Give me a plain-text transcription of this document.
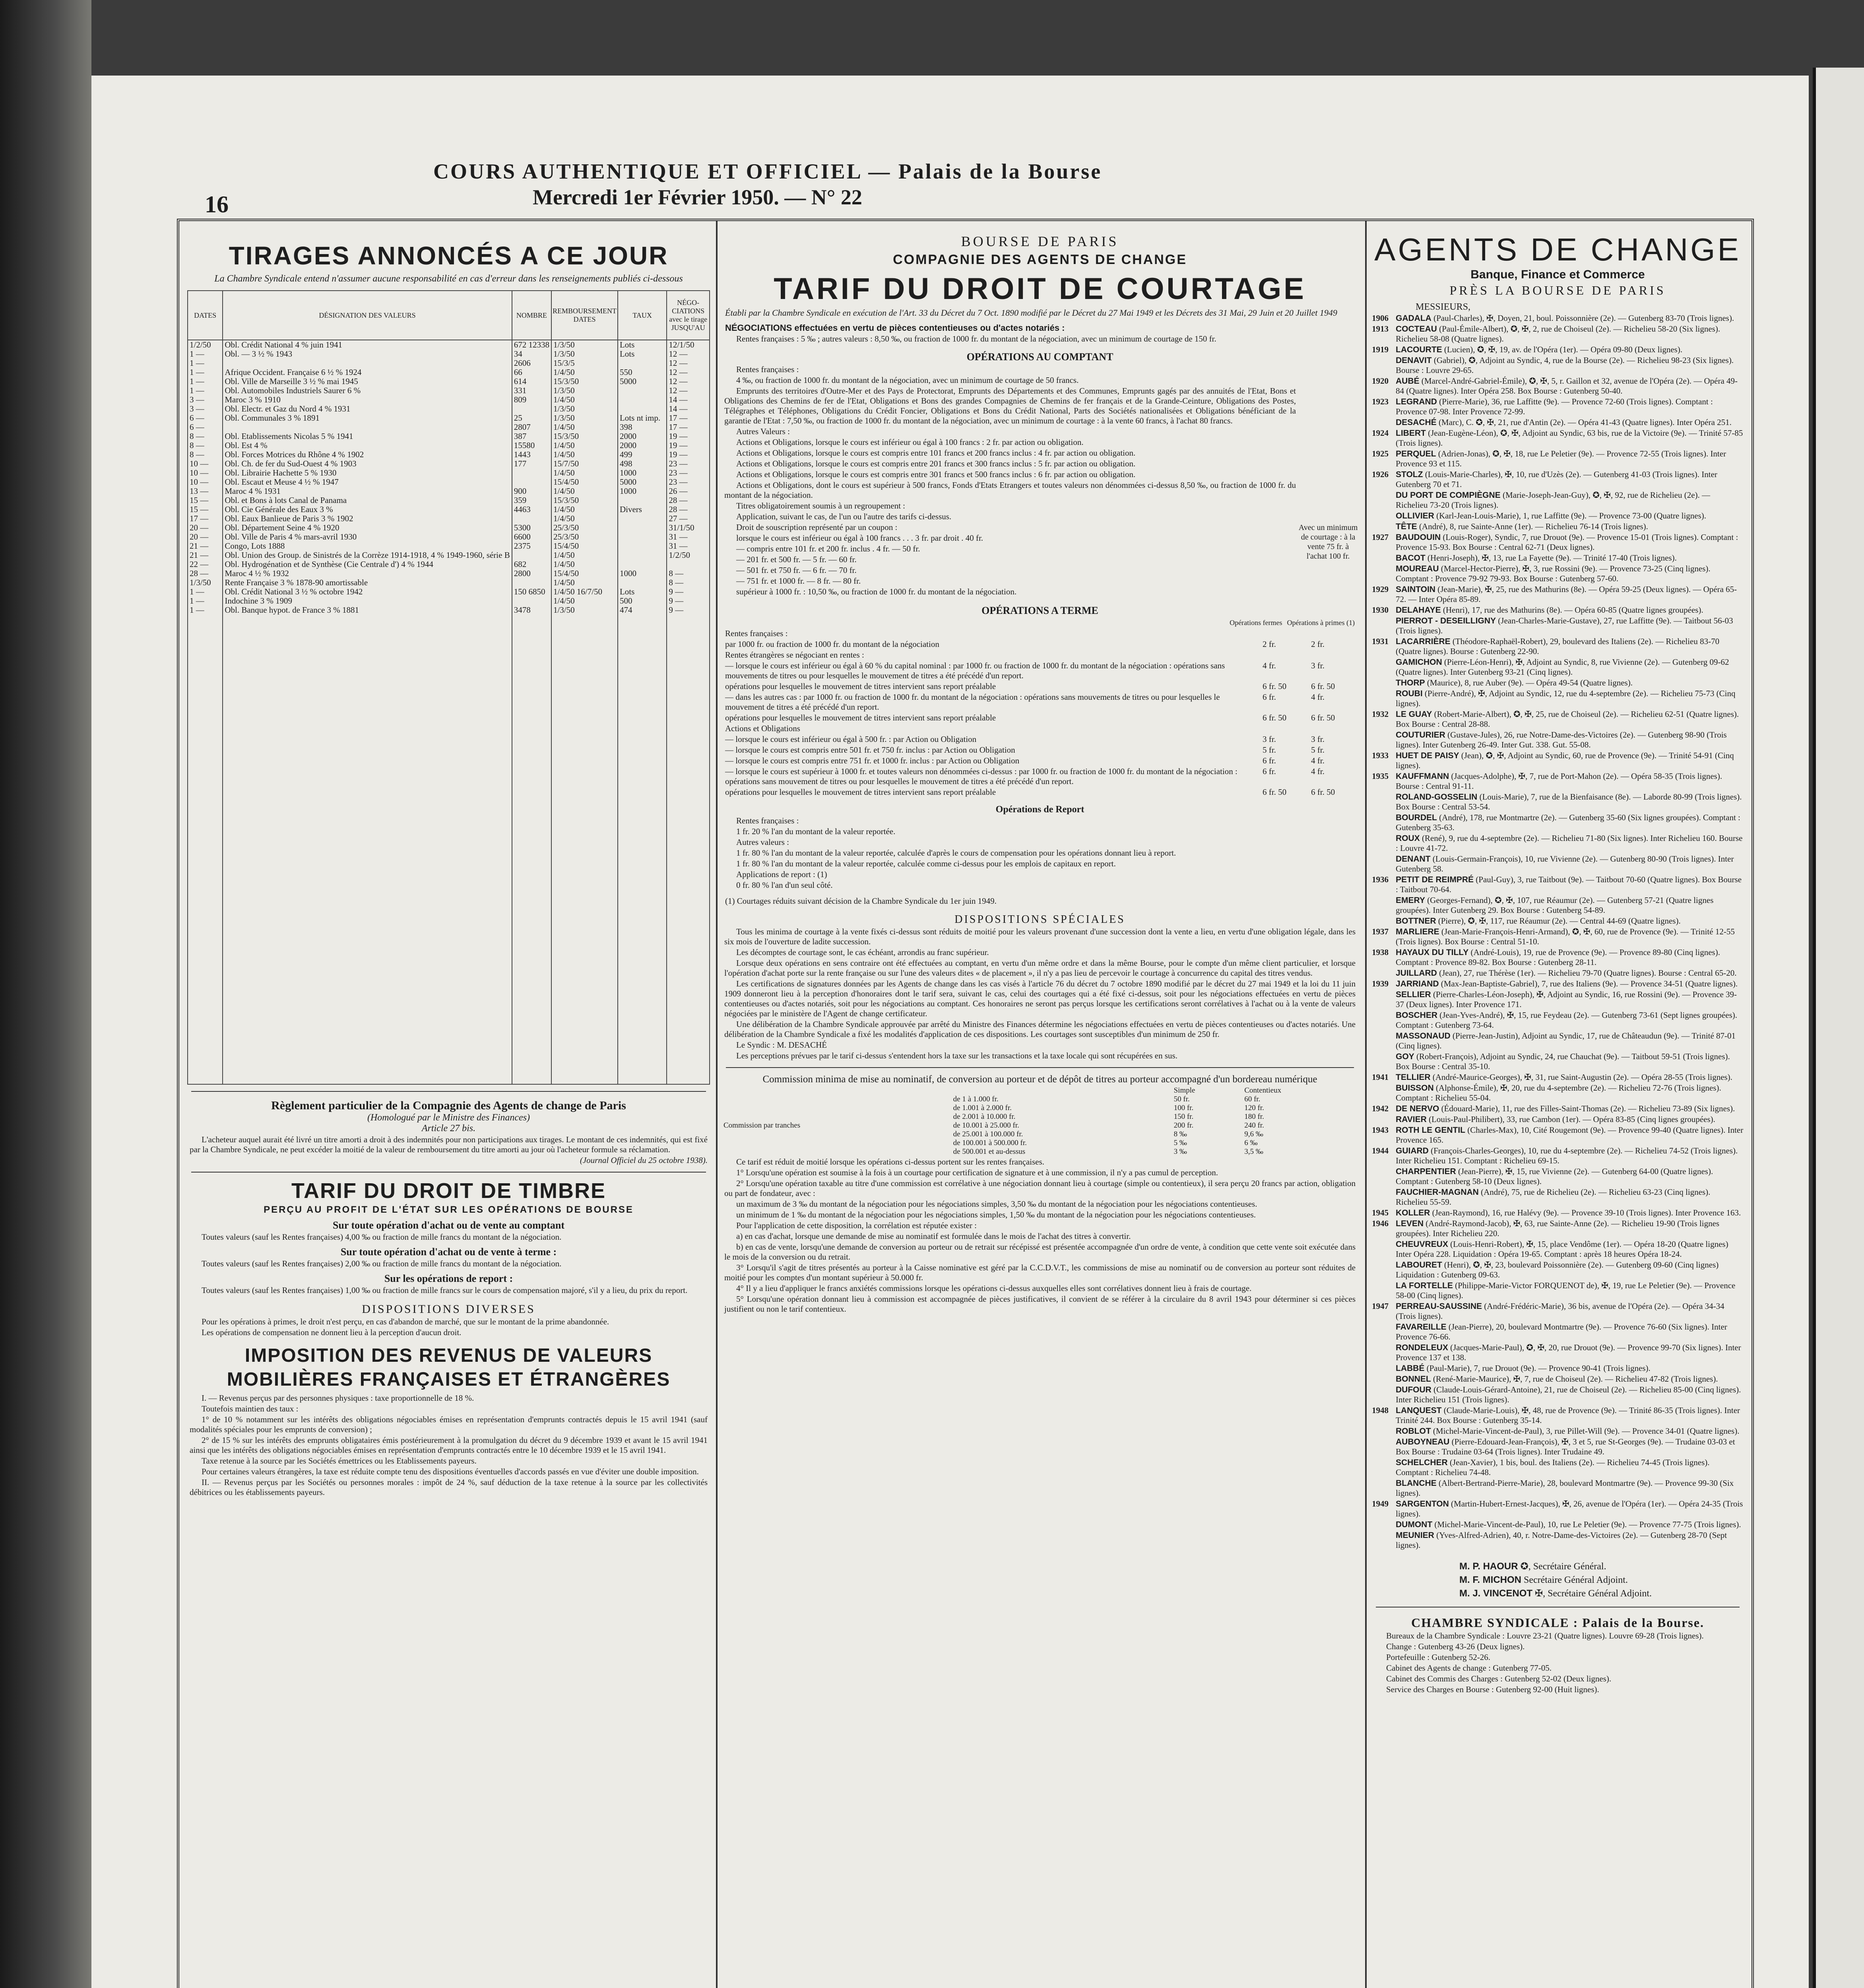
16
COURS AUTHENTIQUE ET OFFICIEL — Palais de la Bourse
Mercredi 1er Février 1950. — N° 22
TIRAGES ANNONCÉS A CE JOUR
La Chambre Syndicale entend n'assumer aucune responsabilité en cas d'erreur dans les renseignements publiés ci-dessous
DATES	DÉSIGNATION DES VALEURS	NOMBRE	REMBOURSEMENT
DATES	TAUX	NÉGO- CIATIONS avec le tirage JUSQU'AU
1/2/50	Obl. Crédit National 4 % juin 1941	672 12338	1/3/50	Lots	12/1/50
1 —	Obl. — 3 ½ % 1943	34	1/3/50	Lots	12 —
1 —		2606	15/3/5		12 —
1 —	Afrique Occident. Française 6 ½ % 1924	66	1/4/50	550	12 —
1 —	Obl. Ville de Marseille 3 ½ % mai 1945	614	15/3/50	5000	12 —
1 —	Obl. Automobiles Industriels Saurer 6 %	331	1/3/50		12 —
3 —	Maroc 3 % 1910	809	1/4/50		14 —
3 —	Obl. Electr. et Gaz du Nord 4 % 1931		1/3/50		14 —
6 —	Obl. Communales 3 % 1891	25	1/3/50	Lots nt imp.	17 —
6 —		2807	1/4/50	398	17 —
8 —	Obl. Etablissements Nicolas 5 % 1941	387	15/3/50	2000	19 —
8 —	Obl. Est 4 %	15580	1/4/50	2000	19 —
8 —	Obl. Forces Motrices du Rhône 4 % 1902	1443	1/4/50	499	19 —
10 —	Obl. Ch. de fer du Sud-Ouest 4 % 1903	177	15/7/50	498	23 —
10 —	Obl. Librairie Hachette 5 % 1930		1/4/50	1000	23 —
10 —	Obl. Escaut et Meuse 4 ½ % 1947		15/4/50	5000	23 —
13 —	Maroc 4 % 1931	900	1/4/50	1000	26 —
15 —	Obl. et Bons à lots Canal de Panama	359	15/3/50		28 —
15 —	Obl. Cie Générale des Eaux 3 %	4463	1/4/50	Divers	28 —
17 —	Obl. Eaux Banlieue de Paris 3 % 1902		1/4/50		27 —
20 —	Obl. Département Seine 4 % 1920	5300	25/3/50		31/1/50
20 —	Obl. Ville de Paris 4 % mars-avril 1930	6600	25/3/50		31 —
21 —	Congo, Lots 1888	2375	15/4/50		31 —
21 —	Obl. Union des Group. de Sinistrés de la Corrèze 1914-1918, 4 % 1949-1960, série B		1/4/50		1/2/50
22 —	Obl. Hydrogénation et de Synthèse (Cie Centrale d') 4 % 1944	682	1/4/50		
28 —	Maroc 4 ½ % 1932	2800	15/4/50	1000	8 —
1/3/50	Rente Française 3 % 1878-90 amortissable		1/4/50		8 —
1 —	Obl. Crédit National 3 ½ % octobre 1942	150 6850	1/4/50 16/7/50	Lots	9 —
1 —	Indochine 3 % 1909		1/4/50	500	9 —
1 —	Obl. Banque hypot. de France 3 % 1881	3478	1/3/50	474	9 —

Règlement particulier de la Compagnie des Agents de change de Paris
(Homologué par le Ministre des Finances)
Article 27 bis.
L'acheteur auquel aurait été livré un titre amorti a droit à des indemnités pour non participations aux tirages. Le montant de ces indemnités, qui est fixé par la Chambre Syndicale, ne peut excéder la moitié de la valeur de remboursement du titre amorti au jour où l'acheteur formule sa réclamation.
(Journal Officiel du 25 octobre 1938).
TARIF DU DROIT DE TIMBRE
PERÇU AU PROFIT DE L'ÉTAT SUR LES OPÉRATIONS DE BOURSE
Sur toute opération d'achat ou de vente au comptant
Toutes valeurs (sauf les Rentes françaises) 4,00 ‰ ou fraction de mille francs du montant de la négociation.
Sur toute opération d'achat ou de vente à terme :
Toutes valeurs (sauf les Rentes françaises) 2,00 ‰ ou fraction de mille francs du montant de la négociation.
Sur les opérations de report :
Toutes valeurs (sauf les Rentes françaises) 1,00 ‰ ou fraction de mille francs sur le cours de compensation majoré, s'il y a lieu, du prix du report.
DISPOSITIONS DIVERSES
Pour les opérations à primes, le droit n'est perçu, en cas d'abandon de marché, que sur le montant de la prime abandonnée.
Les opérations de compensation ne donnent lieu à la perception d'aucun droit.
IMPOSITION DES REVENUS DE VALEURS MOBILIÈRES FRANÇAISES ET ÉTRANGÈRES
I. — Revenus perçus par des personnes physiques : taxe proportionnelle de 18 %.
Toutefois maintien des taux :
1° de 10 % notamment sur les intérêts des obligations négociables émises en représentation d'emprunts contractés depuis le 15 avril 1941 (sauf modalités spéciales pour les emprunts de conversion) ;
2° de 15 % sur les intérêts des emprunts obligataires émis postérieurement à la promulgation du décret du 9 décembre 1939 et avant le 15 avril 1941 ainsi que les intérêts des obligations négociables émises en représentation d'emprunts contractés entre le 10 décembre 1939 et le 15 avril 1941.
Taxe retenue à la source par les Sociétés émettrices ou les Etablissements payeurs.
Pour certaines valeurs étrangères, la taxe est réduite compte tenu des dispositions éventuelles d'accords passés en vue d'éviter une double imposition.
II. — Revenus perçus par les Sociétés ou personnes morales : impôt de 24 %, sauf déduction de la taxe retenue à la source par les collectivités débitrices ou les établissements payeurs.
BOURSE DE PARIS
COMPAGNIE DES AGENTS DE CHANGE
TARIF DU DROIT DE COURTAGE
Établi par la Chambre Syndicale en exécution de l'Art. 33 du Décret du 7 Oct. 1890 modifié par le Décret du 27 Mai 1949 et les Décrets des 31 Mai, 29 Juin et 20 Juillet 1949
NÉGOCIATIONS effectuées en vertu de pièces contentieuses ou d'actes notariés :
Rentes françaises : 5 ‰ ; autres valeurs : 8,50 ‰, ou fraction de 1000 fr. du montant de la négociation, avec un minimum de courtage de 150 fr.
OPÉRATIONS AU COMPTANT
Rentes françaises :
4 ‰, ou fraction de 1000 fr. du montant de la négociation, avec un minimum de courtage de 50 francs.
Emprunts des territoires d'Outre-Mer et des Pays de Protectorat, Emprunts des Départements et des Communes, Emprunts gagés par des annuités de l'Etat, Bons et Obligations des Chemins de fer de l'Etat, Obligations et Bons des grandes Compagnies de Chemins de fer français et de la Grande-Ceinture, Obligations des Postes, Télégraphes et Téléphones, Obligations du Crédit Foncier, Obligations et Bons du Crédit National, Parts des Sociétés nationalisées et Obligations bénéficiant de la garantie de l'Etat : 7,50 ‰, ou fraction de 1000 fr. du montant de la négociation, avec un minimum de courtage : à la vente 60 francs, à l'achat 80 francs.
Autres Valeurs :
Actions et Obligations, lorsque le cours est inférieur ou égal à 100 francs : 2 fr. par action ou obligation.
Actions et Obligations, lorsque le cours est compris entre 101 francs et 200 francs inclus : 4 fr. par action ou obligation.
Actions et Obligations, lorsque le cours est compris entre 201 francs et 300 francs inclus : 5 fr. par action ou obligation.
Actions et Obligations, lorsque le cours est compris entre 301 francs et 500 francs inclus : 6 fr. par action ou obligation.
Actions et Obligations, dont le cours est supérieur à 500 francs, Fonds d'Etats Etrangers et toutes valeurs non dénommées ci-dessus 8,50 ‰, ou fraction de 1000 fr. du montant de la négociation.
Titres obligatoirement soumis à un regroupement :
Application, suivant le cas, de l'un ou l'autre des tarifs ci-dessus.
Droit de souscription représenté par un coupon :
lorsque le cours est inférieur ou égal à 100 francs . . . 3 fr. par droit . 40 fr.
— compris entre 101 fr. et 200 fr. inclus . 4 fr. — 50 fr.
— 201 fr. et 500 fr. — 5 fr. — 60 fr.
— 501 fr. et 750 fr. — 6 fr. — 70 fr.
— 751 fr. et 1000 fr. — 8 fr. — 80 fr.
supérieur à 1000 fr. : 10,50 ‰, ou fraction de 1000 fr. du montant de la négociation.
Avec un minimum de courtage : à la vente 75 fr. à l'achat 100 fr.
OPÉRATIONS A TERME
Opérations fermes Opérations à primes (1)
Rentes françaises :
par 1000 fr. ou fraction de 1000 fr. du montant de la négociation	2 fr.	2 fr.
Rentes étrangères se négociant en rentes :
— lorsque le cours est inférieur ou égal à 60 % du capital nominal : par 1000 fr. ou fraction de 1000 fr. du montant de la négociation : opérations sans mouvements de titres ou pour lesquelles le mouvement de titres a été précédé d'un report.
4 fr.	3 fr.
opérations pour lesquelles le mouvement de titres intervient sans report préalable	6 fr. 50	6 fr. 50
— dans les autres cas : par 1000 fr. ou fraction de 1000 fr. du montant de la négociation : opérations sans mouvements de titres ou pour lesquelles le mouvement de titres a été précédé d'un report.
6 fr.	4 fr.
opérations pour lesquelles le mouvement de titres intervient sans report préalable	6 fr. 50	6 fr. 50
Actions et Obligations
— lorsque le cours est inférieur ou égal à 500 fr. : par Action ou Obligation	3 fr.	3 fr.
— lorsque le cours est compris entre 501 fr. et 750 fr. inclus : par Action ou Obligation	5 fr.	5 fr.
— lorsque le cours est compris entre 751 fr. et 1000 fr. inclus : par Action ou Obligation	6 fr.	4 fr.
— lorsque le cours est supérieur à 1000 fr. et toutes valeurs non dénommées ci-dessus : par 1000 fr. ou fraction de 1000 fr. du montant de la négociation : opérations sans mouvement de titres ou pour lesquelles le mouvement de titres a été précédé d'un report.
6 fr.	4 fr.
opérations pour lesquelles le mouvement de titres intervient sans report préalable	6 fr. 50	6 fr. 50
Opérations de Report
Rentes françaises :
1 fr. 20 % l'an du montant de la valeur reportée.
Autres valeurs :
1 fr. 80 % l'an du montant de la valeur reportée, calculée d'après le cours de compensation pour les opérations donnant lieu à report.
1 fr. 80 % l'an du montant de la valeur reportée, calculée comme ci-dessus pour les emplois de capitaux en report.
Applications de report : (1)
0 fr. 80 % l'an d'un seul côté.
(1) Courtages réduits suivant décision de la Chambre Syndicale du 1er juin 1949.
DISPOSITIONS SPÉCIALES
Tous les minima de courtage à la vente fixés ci-dessus sont réduits de moitié pour les valeurs provenant d'une succession dont la vente a lieu, en vertu d'une obligation légale, dans les six mois de l'ouverture de ladite succession.
Les décomptes de courtage sont, le cas échéant, arrondis au franc supérieur.
Lorsque deux opérations en sens contraire ont été effectuées au comptant, en vertu d'un même ordre et dans la même Bourse, pour le compte d'un même client particulier, et lorsque l'opération d'achat porte sur la rente française ou sur l'une des valeurs dites « de placement », il n'y a pas lieu de percevoir le courtage à concurrence du capital des titres vendus.
Les certifications de signatures données par les Agents de change dans les cas visés à l'article 76 du décret du 7 octobre 1890 modifié par le décret du 27 mai 1949 et la loi du 11 juin 1909 donneront lieu à la perception d'honoraires dont le tarif sera, suivant le cas, celui des courtages qui a été fixé ci-dessus, soit pour les négociations effectuées en vertu de pièces contentieuses ou d'actes notariés, soit pour les négociations au comptant. Ces honoraires ne seront pas perçus lorsque les certifications seront corrélatives à l'achat ou à la vente de valeurs négociées par le ministère de l'Agent de change certificateur.
Une délibération de la Chambre Syndicale approuvée par arrêté du Ministre des Finances détermine les négociations effectuées en vertu de pièces contentieuses ou d'actes notariés. Une délibération de la Chambre Syndicale a fixé les modalités d'application de ces dispositions. Les courtages sont susceptibles d'un minimum de 250 fr.
Le Syndic : M. DESACHÉ
Les perceptions prévues par le tarif ci-dessus s'entendent hors la taxe sur les transactions et la taxe locale qui sont récupérées en sus.
Commission minima de mise au nominatif, de conversion au porteur et de dépôt de titres au porteur accompagné d'un bordereau numérique
		Simple	Contentieux
	de 1 à 1.000 fr.	50 fr.	60 fr.
	de 1.001 à 2.000 fr.	100 fr.	120 fr.
	de 2.001 à 10.000 fr.	150 fr.	180 fr.
Commission par tranches	de 10.001 à 25.000 fr.	200 fr.	240 fr.
	de 25.001 à 100.000 fr.	8 ‰	9,6 ‰
	de 100.001 à 500.000 fr.	5 ‰	6 ‰
	de 500.001 et au-dessus	3 ‰	3,5 ‰
Ce tarif est réduit de moitié lorsque les opérations ci-dessus portent sur les rentes françaises.
1° Lorsqu'une opération est soumise à la fois à un courtage pour certification de signature et à une commission, il n'y a pas cumul de perception.
2° Lorsqu'une opération taxable au titre d'une commission est corrélative à une négociation donnant lieu à courtage (simple ou contentieux), il sera perçu 20 francs par action, obligation ou part de fondateur, avec :
un maximum de 3 ‰ du montant de la négociation pour les négociations simples, 3,50 ‰ du montant de la négociation pour les négociations contentieuses.
un minimum de 1 ‰ du montant de la négociation pour les négociations simples, 1,50 ‰ du montant de la négociation pour les négociations contentieuses.
Pour l'application de cette disposition, la corrélation est réputée exister :
a) en cas d'achat, lorsque une demande de mise au nominatif est formulée dans le mois de l'achat des titres à convertir.
b) en cas de vente, lorsqu'une demande de conversion au porteur ou de retrait sur récépissé est présentée accompagnée d'un ordre de vente, à condition que cette vente soit exécutée dans le mois de la conversion ou du retrait.
3° Lorsqu'il s'agit de titres présentés au porteur à la Caisse nominative est géré par la C.C.D.V.T., les commissions de mise au nominatif ou de conversion au porteur sont réduites de moitié pour les comptes d'un montant supérieur à 50.000 fr.
4° Il y a lieu d'appliquer le francs anxiétés commissions lorsque les opérations ci-dessus auxquelles elles sont corrélatives donnent lieu à frais de courtage.
5° Lorsqu'une opération donnant lieu à commission est accompagnée de pièces justificatives, il convient de se référer à la circulaire du 8 avril 1943 pour déterminer si ces pièces justifient ou non le tarif contentieux.
AGENTS DE CHANGE
Banque, Finance et Commerce
PRÈS LA BOURSE DE PARIS
MESSIEURS,
1906 GADALA (Paul-Charles), ✠, Doyen, 21, boul. Poissonnière (2e). — Gutenberg 83-70 (Trois lignes).
1913 COCTEAU (Paul-Émile-Albert), ✪, ✠, 2, rue de Choiseul (2e). — Richelieu 58-20 (Six lignes). Richelieu 58-08 (Quatre lignes).
1919 LACOURTE (Lucien), ✪, ✠, 19, av. de l'Opéra (1er). — Opéra 09-80 (Deux lignes).
DENAVIT (Gabriel), ✪, Adjoint au Syndic, 4, rue de la Bourse (2e). — Richelieu 98-23 (Six lignes). Bourse : Louvre 29-65.
1920 AUBÉ (Marcel-André-Gabriel-Émile), ✪, ✠, 5, r. Gaillon et 32, avenue de l'Opéra (2e). — Opéra 49-84 (Quatre lignes). Inter Opéra 258. Box Bourse : Gutenberg 50-40.
1923 LEGRAND (Pierre-Marie), 36, rue Laffitte (9e). — Provence 72-60 (Trois lignes). Comptant : Provence 07-98. Inter Provence 72-99.
DESACHÉ (Marc), C. ✪, ✠, 21, rue d'Antin (2e). — Opéra 41-43 (Quatre lignes). Inter Opéra 251.
1924 LIBERT (Jean-Eugène-Léon), ✪, ✠, Adjoint au Syndic, 63 bis, rue de la Victoire (9e). — Trinité 57-85 (Trois lignes).
1925 PERQUEL (Adrien-Jonas), ✪, ✠, 18, rue Le Peletier (9e). — Provence 72-55 (Trois lignes). Inter Provence 93 et 115.
1926 STOLZ (Louis-Marie-Charles), ✠, 10, rue d'Uzès (2e). — Gutenberg 41-03 (Trois lignes). Inter Gutenberg 70 et 71.
DU PORT DE COMPIÈGNE (Marie-Joseph-Jean-Guy), ✪, ✠, 92, rue de Richelieu (2e). — Richelieu 73-20 (Trois lignes).
OLLIVIER (Karl-Jean-Louis-Marie), 1, rue Laffitte (9e). — Provence 73-00 (Quatre lignes).
TÊTE (André), 8, rue Sainte-Anne (1er). — Richelieu 76-14 (Trois lignes).
1927 BAUDOUIN (Louis-Roger), Syndic, 7, rue Drouot (9e). — Provence 15-01 (Trois lignes). Comptant : Provence 15-93. Box Bourse : Central 62-71 (Deux lignes).
BACOT (Henri-Joseph), ✠, 13, rue La Fayette (9e). — Trinité 17-40 (Trois lignes).
MOUREAU (Marcel-Hector-Pierre), ✠, 3, rue Rossini (9e). — Provence 73-25 (Cinq lignes). Comptant : Provence 79-92 79-93. Box Bourse : Gutenberg 57-60.
1929 SAINTOIN (Jean-Marie), ✠, 25, rue des Mathurins (8e). — Opéra 59-25 (Deux lignes). — Opéra 65-72. — Inter Opéra 85-89.
1930 DELAHAYE (Henri), 17, rue des Mathurins (8e). — Opéra 60-85 (Quatre lignes groupées).
PIERROT - DESEILLIGNY (Jean-Charles-Marie-Gustave), 27, rue Laffitte (9e). — Taitbout 56-03 (Trois lignes).
1931 LACARRIÈRE (Théodore-Raphaël-Robert), 29, boulevard des Italiens (2e). — Richelieu 83-70 (Quatre lignes). Bourse : Gutenberg 22-90.
GAMICHON (Pierre-Léon-Henri), ✠, Adjoint au Syndic, 8, rue Vivienne (2e). — Gutenberg 09-62 (Quatre lignes). Inter Gutenberg 93-21 (Cinq lignes).
THORP (Maurice), 8, rue Auber (9e). — Opéra 49-54 (Quatre lignes).
ROUBI (Pierre-André), ✠, Adjoint au Syndic, 12, rue du 4-septembre (2e). — Richelieu 75-73 (Cinq lignes).
1932 LE GUAY (Robert-Marie-Albert), ✪, ✠, 25, rue de Choiseul (2e). — Richelieu 62-51 (Quatre lignes). Box Bourse : Central 28-88.
COUTURIER (Gustave-Jules), 26, rue Notre-Dame-des-Victoires (2e). — Gutenberg 98-90 (Trois lignes). Inter Gutenberg 26-49. Inter Gut. 338. Gut. 55-08.
1933 HUET DE PAISY (Jean), ✪, ✠, Adjoint au Syndic, 60, rue de Provence (9e). — Trinité 54-91 (Cinq lignes).
1935 KAUFFMANN (Jacques-Adolphe), ✠, 7, rue de Port-Mahon (2e). — Opéra 58-35 (Trois lignes). Bourse : Central 91-11.
ROLAND-GOSSELIN (Louis-Marie), 7, rue de la Bienfaisance (8e). — Laborde 80-99 (Trois lignes). Box Bourse : Central 53-54.
BOURDEL (André), 178, rue Montmartre (2e). — Gutenberg 35-60 (Six lignes groupées). Comptant : Gutenberg 35-63.
ROUX (René), 9, rue du 4-septembre (2e). — Richelieu 71-80 (Six lignes). Inter Richelieu 160. Bourse : Louvre 41-72.
DENANT (Louis-Germain-François), 10, rue Vivienne (2e). — Gutenberg 80-90 (Trois lignes). Inter Gutenberg 58.
1936 PETIT DE REIMPRÉ (Paul-Guy), 3, rue Taitbout (9e). — Taitbout 70-60 (Quatre lignes). Box Bourse : Taitbout 70-64.
EMERY (Georges-Fernand), ✪, ✠, 107, rue Réaumur (2e). — Gutenberg 57-21 (Quatre lignes groupées). Inter Gutenberg 29. Box Bourse : Gutenberg 54-89.
BOTTNER (Pierre), ✪, ✠, 117, rue Réaumur (2e). — Central 44-69 (Quatre lignes).
1937 MARLIERE (Jean-Marie-François-Henri-Armand), ✪, ✠, 60, rue de Provence (9e). — Trinité 12-55 (Trois lignes). Box Bourse : Central 51-10.
1938 HAYAUX DU TILLY (André-Louis), 19, rue de Provence (9e). — Provence 89-80 (Cinq lignes). Comptant : Provence 89-82. Box Bourse : Gutenberg 28-11.
JUILLARD (Jean), 27, rue Thérèse (1er). — Richelieu 79-70 (Quatre lignes). Bourse : Central 65-20.
1939 JARRIAND (Max-Jean-Baptiste-Gabriel), 7, rue des Italiens (9e). — Provence 34-51 (Quatre lignes).
SELLIER (Pierre-Charles-Léon-Joseph), ✠, Adjoint au Syndic, 16, rue Rossini (9e). — Provence 39-37 (Deux lignes). Inter Provence 171.
BOSCHER (Jean-Yves-André), ✠, 15, rue Feydeau (2e). — Gutenberg 73-61 (Sept lignes groupées). Comptant : Gutenberg 73-64.
MASSONAUD (Pierre-Jean-Justin), Adjoint au Syndic, 17, rue de Châteaudun (9e). — Trinité 87-01 (Cinq lignes).
GOY (Robert-François), Adjoint au Syndic, 24, rue Chauchat (9e). — Taitbout 59-51 (Trois lignes). Box Bourse : Central 35-10.
1941 TELLIER (André-Maurice-Georges), ✠, 31, rue Saint-Augustin (2e). — Opéra 28-55 (Trois lignes).
BUISSON (Alphonse-Émile), ✠, 20, rue du 4-septembre (2e). — Richelieu 72-76 (Trois lignes). Comptant : Richelieu 55-04.
1942 DE NERVO (Édouard-Marie), 11, rue des Filles-Saint-Thomas (2e). — Richelieu 73-89 (Six lignes).
RAVIER (Louis-Paul-Philibert), 33, rue Cambon (1er). — Opéra 83-85 (Cinq lignes groupées).
1943 ROTH LE GENTIL (Charles-Max), 10, Cité Rougemont (9e). — Provence 99-40 (Quatre lignes). Inter Provence 165.
1944 GUIARD (François-Charles-Georges), 10, rue du 4-septembre (2e). — Richelieu 74-52 (Trois lignes). Inter Richelieu 151. Comptant : Richelieu 69-15.
CHARPENTIER (Jean-Pierre), ✠, 15, rue Vivienne (2e). — Gutenberg 64-00 (Quatre lignes). Comptant : Gutenberg 58-10 (Deux lignes).
FAUCHIER-MAGNAN (André), 75, rue de Richelieu (2e). — Richelieu 63-23 (Cinq lignes). Richelieu 55-59.
1945 KOLLER (Jean-Raymond), 16, rue Halévy (9e). — Provence 39-10 (Trois lignes). Inter Provence 163.
1946 LEVEN (André-Raymond-Jacob), ✠, 63, rue Sainte-Anne (2e). — Richelieu 19-90 (Trois lignes groupées). Inter Richelieu 220.
CHEUVREUX (Louis-Henri-Robert), ✠, 15, place Vendôme (1er). — Opéra 18-20 (Quatre lignes) Inter Opéra 228. Liquidation : Opéra 19-65. Comptant : après 18 heures Opéra 18-24.
LABOURET (Henri), ✪, ✠, 23, boulevard Poissonnière (2e). — Gutenberg 09-60 (Cinq lignes) Liquidation : Gutenberg 09-63.
LA FORTELLE (Philippe-Marie-Victor FORQUENOT de), ✠, 19, rue Le Peletier (9e). — Provence 58-00 (Cinq lignes).
1947 PERREAU-SAUSSINE (André-Frédéric-Marie), 36 bis, avenue de l'Opéra (2e). — Opéra 34-34 (Trois lignes).
FAVAREILLE (Jean-Pierre), 20, boulevard Montmartre (9e). — Provence 76-60 (Six lignes). Inter Provence 76-66.
RONDELEUX (Jacques-Marie-Paul), ✪, ✠, 20, rue Drouot (9e). — Provence 99-70 (Six lignes). Inter Provence 137 et 138.
LABBÉ (Paul-Marie), 7, rue Drouot (9e). — Provence 90-41 (Trois lignes).
BONNEL (René-Marie-Maurice), ✠, 7, rue de Choiseul (2e). — Richelieu 47-82 (Trois lignes).
DUFOUR (Claude-Louis-Gérard-Antoine), 21, rue de Choiseul (2e). — Richelieu 85-00 (Cinq lignes). Inter Richelieu 151 (Trois lignes).
1948 LANQUEST (Claude-Marie-Louis), ✠, 48, rue de Provence (9e). — Trinité 86-35 (Trois lignes). Inter Trinité 244. Box Bourse : Gutenberg 35-14.
ROBLOT (Michel-Marie-Vincent-de-Paul), 3, rue Pillet-Will (9e). — Provence 34-01 (Quatre lignes).
AUBOYNEAU (Pierre-Edouard-Jean-François), ✠, 3 et 5, rue St-Georges (9e). — Trudaine 03-03 et Box Bourse : Trudaine 03-64 (Trois lignes). Inter Trudaine 49.
SCHELCHER (Jean-Xavier), 1 bis, boul. des Italiens (2e). — Richelieu 74-45 (Trois lignes). Comptant : Richelieu 74-48.
BLANCHE (Albert-Bertrand-Pierre-Marie), 28, boulevard Montmartre (9e). — Provence 99-30 (Six lignes).
1949 SARGENTON (Martin-Hubert-Ernest-Jacques), ✠, 26, avenue de l'Opéra (1er). — Opéra 24-35 (Trois lignes).
DUMONT (Michel-Marie-Vincent-de-Paul), 10, rue Le Peletier (9e). — Provence 77-75 (Trois lignes).
MEUNIER (Yves-Alfred-Adrien), 40, r. Notre-Dame-des-Victoires (2e). — Gutenberg 28-70 (Sept lignes).
M. P. HAOUR ✪, Secrétaire Général.
M. F. MICHON Secrétaire Général Adjoint.
M. J. VINCENOT ✠, Secrétaire Général Adjoint.
CHAMBRE SYNDICALE : Palais de la Bourse.
Bureaux de la Chambre Syndicale : Louvre 23-21 (Quatre lignes). Louvre 69-28 (Trois lignes).
Change : Gutenberg 43-26 (Deux lignes).
Portefeuille : Gutenberg 52-26.
Cabinet des Agents de change : Gutenberg 77-05.
Cabinet des Commis des Charges : Gutenberg 52-02 (Deux lignes).
Service des Charges en Bourse : Gutenberg 92-00 (Huit lignes).
